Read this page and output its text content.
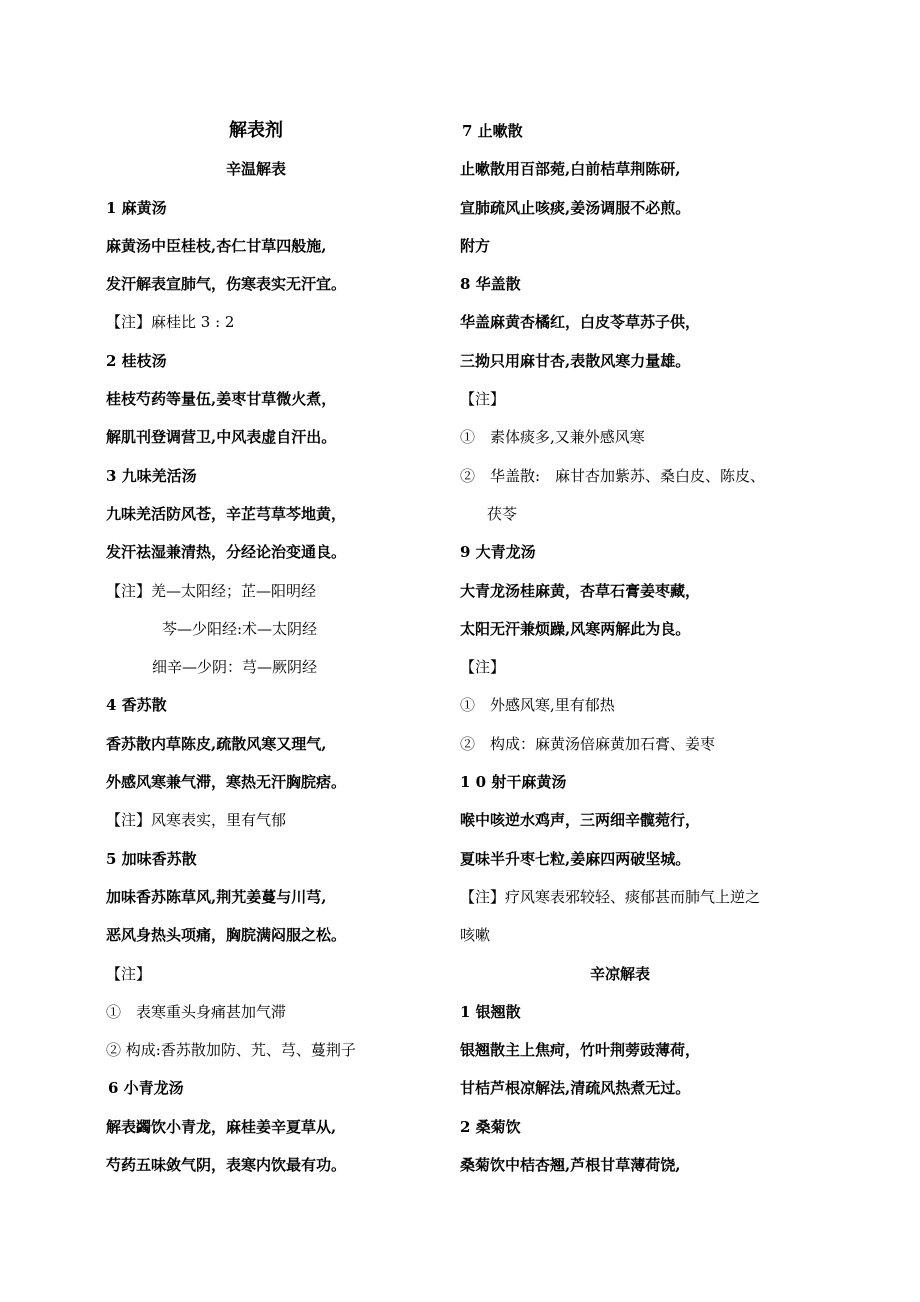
解表剂
辛温解表
1 麻黄汤
麻黄汤中臣桂枝,杏仁甘草四般施,
发汗解表宣肺气，伤寒表实无汗宜。
【注】麻桂比 3 : 2
2 桂枝汤
桂枝芍药等量伍,姜枣甘草微火煮，
解肌刊登调营卫,中风表虚自汗出。
3 九味羌活汤
九味羌活防风苍，辛芷芎草芩地黄，
发汗祛湿兼清热，分经论治变通良。
【注】羌—太阳经；芷—阳明经
芩—少阳经:术—太阴经
细辛—少阴：芎—厥阴经
4 香苏散
香苏散内草陈皮,疏散风寒又理气,
外感风寒兼气滞，寒热无汗胸脘痞。
【注】风寒表实，里有气郁
5 加味香苏散
加味香苏陈草风,荆艽姜蔓与川芎,
恶风身热头项痛，胸脘满闷服之松。
【注】
①　表寒重头身痛甚加气滞
② 构成:香苏散加防、艽、芎、蔓荆子
6 小青龙汤
解表蠲饮小青龙，麻桂姜辛夏草从,
芍药五味敛气阴，表寒内饮最有功。
7 止嗽散
止嗽散用百部菀,白前桔草荆陈研,
宣肺疏风止咳痰,姜汤调服不必煎。
附方
8 华盖散
华盖麻黄杏橘红，白皮苓草苏子供，
三拗只用麻甘杏,表散风寒力量雄。
【注】
①　素体痰多,又兼外感风寒
②　华盖散:　麻甘杏加紫苏、桑白皮、陈皮、
茯苓
9 大青龙汤
大青龙汤桂麻黄，杏草石膏姜枣藏，
太阳无汗兼烦躁,风寒两解此为良。
【注】
①　外感风寒,里有郁热
②　构成：麻黄汤倍麻黄加石膏、姜枣
1 0 射干麻黄汤
喉中咳逆水鸡声，三两细辛髋菀行，
夏味半升枣七粒,姜麻四两破坚城。
【注】疗风寒表邪较轻、痰郁甚而肺气上逆之
咳嗽
辛凉解表
1 银翘散
银翘散主上焦疴，竹叶荆蒡豉薄荷，
甘桔芦根凉解法,清疏风热煮无过。
2 桑菊饮
桑菊饮中桔杏翘,芦根甘草薄荷饶,
